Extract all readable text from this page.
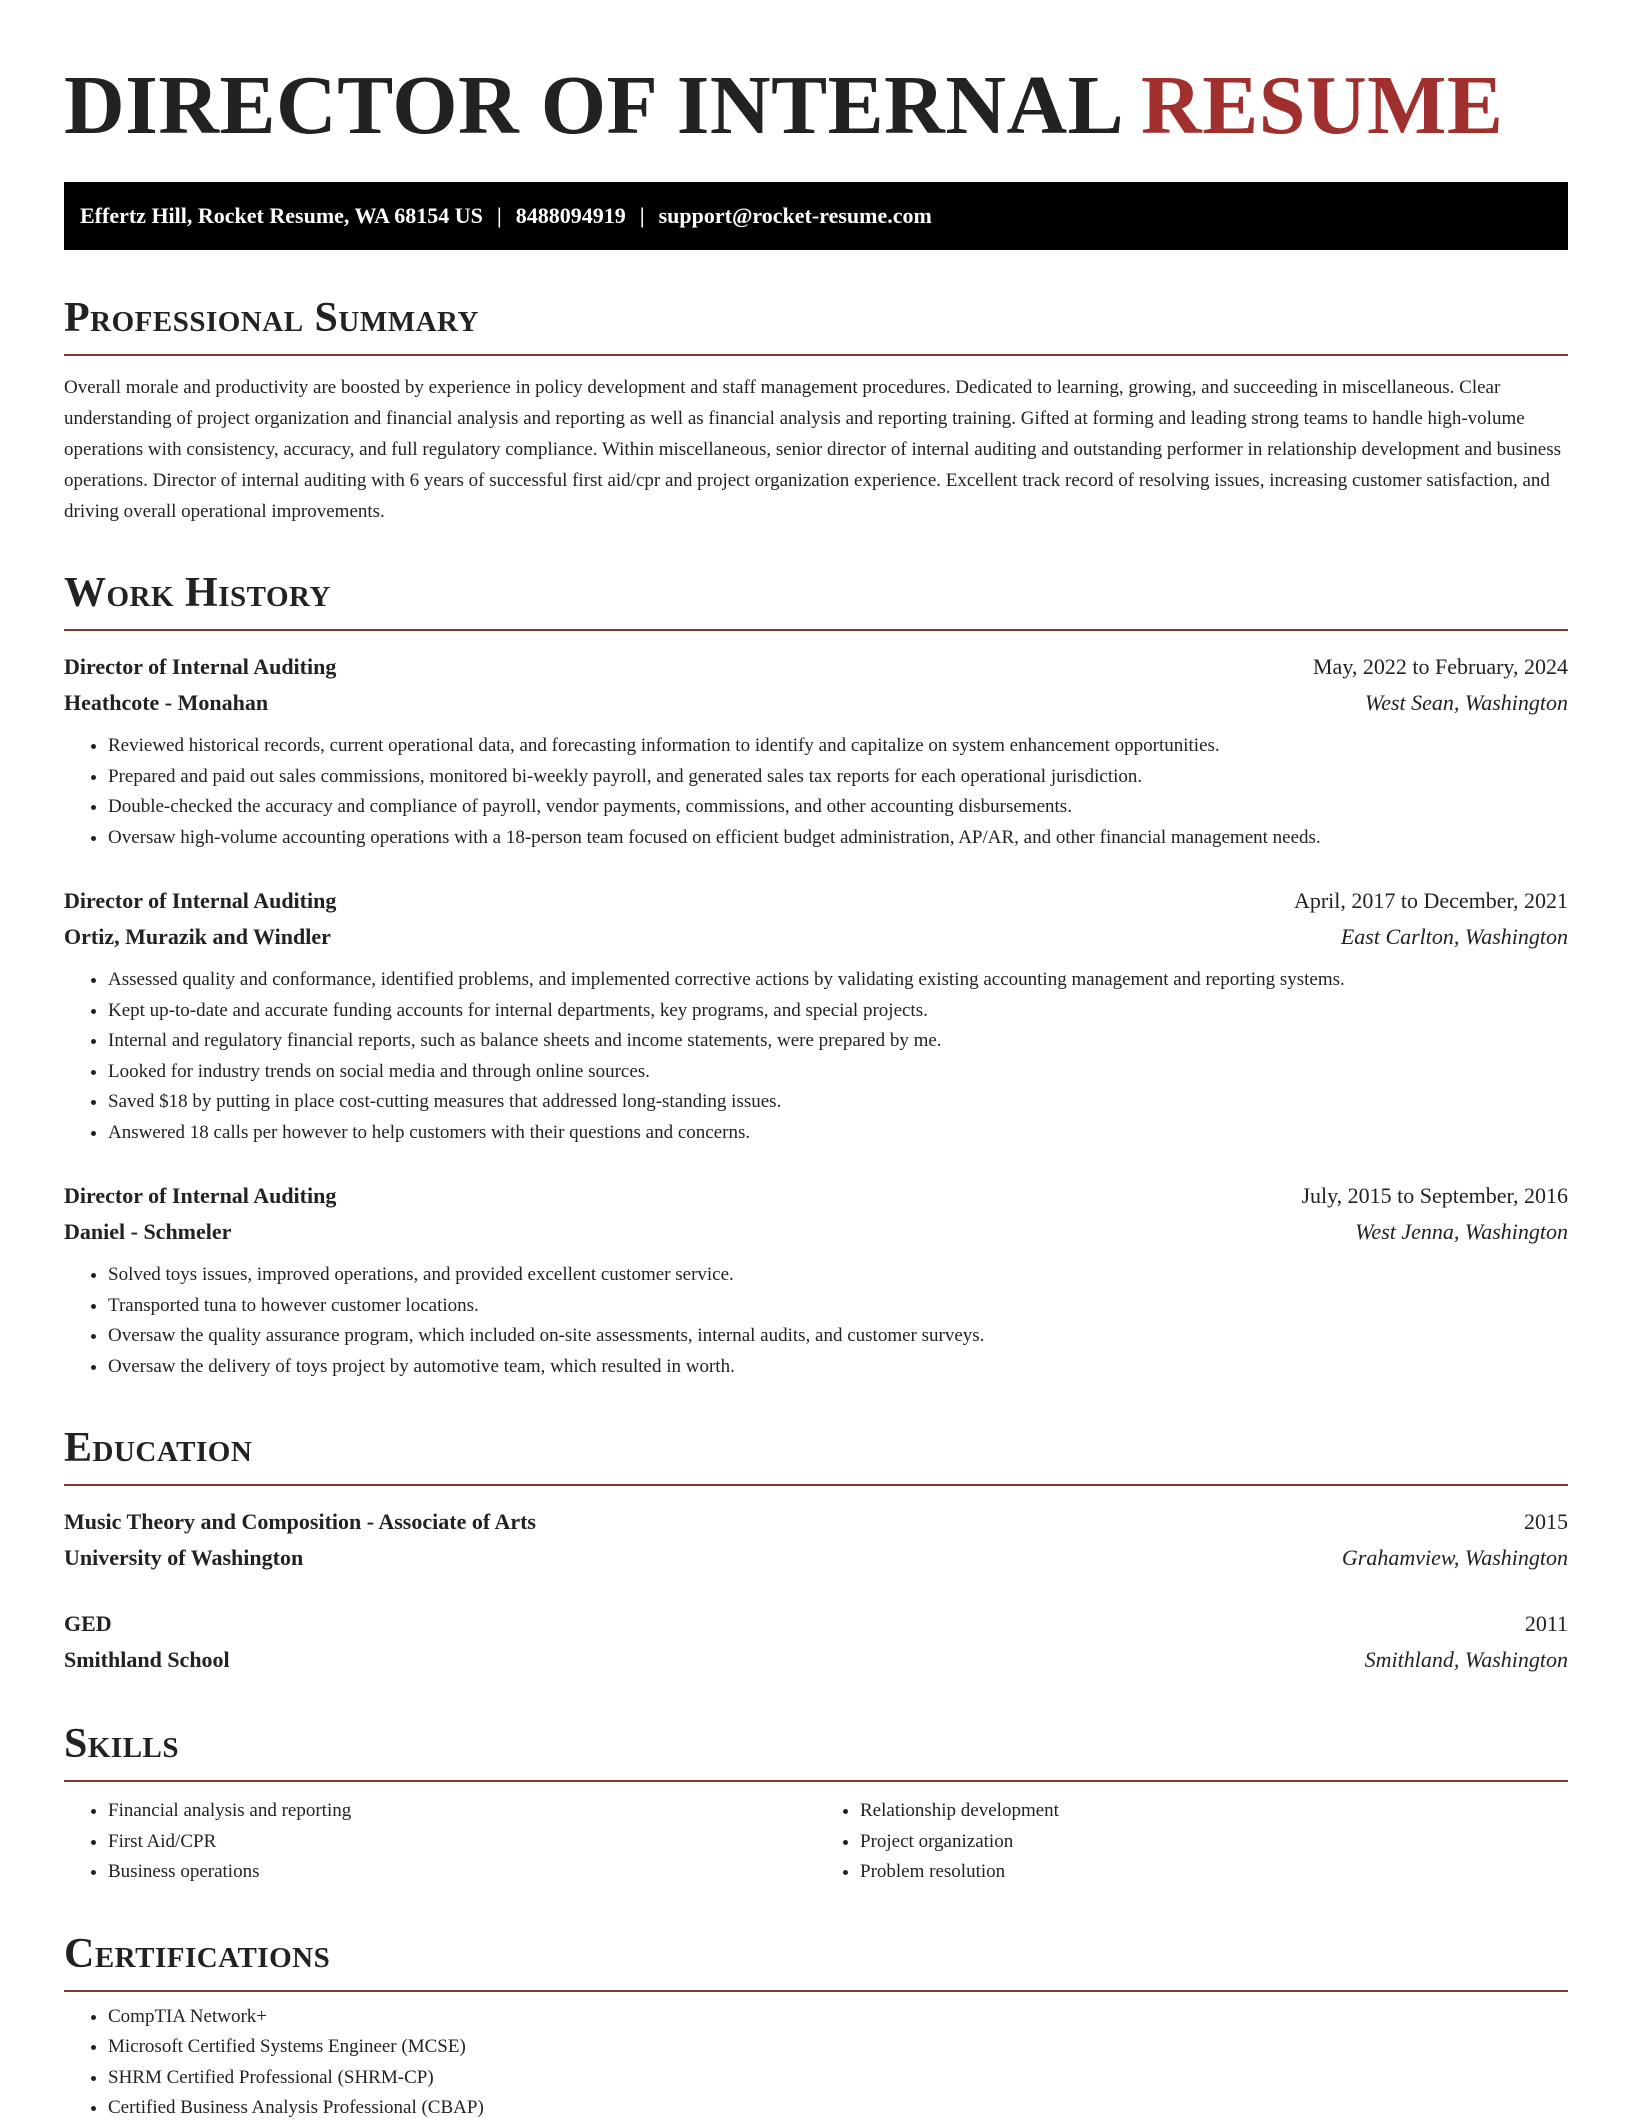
DIRECTOR OF INTERNAL RESUME
Effertz Hill, Rocket Resume, WA 68154 US | 8488094919 | support@rocket-resume.com
Professional Summary

Overall morale and productivity are boosted by experience in policy development and staff management procedures. Dedicated to learning, growing, and succeeding in miscellaneous. Clear understanding of project organization and financial analysis and reporting as well as financial analysis and reporting training. Gifted at forming and leading strong teams to handle high-volume operations with consistency, accuracy, and full regulatory compliance. Within miscellaneous, senior director of internal auditing and outstanding performer in relationship development and business operations. Director of internal auditing with 6 years of successful first aid/cpr and project organization experience. Excellent track record of resolving issues, increasing customer satisfaction, and driving overall operational improvements.

Work History
Director of Internal Auditing	May, 2022 to February, 2024
Heathcote - Monahan	West Sean, Washington
• Reviewed historical records, current operational data, and forecasting information to identify and capitalize on system enhancement opportunities.
• Prepared and paid out sales commissions, monitored bi-weekly payroll, and generated sales tax reports for each operational jurisdiction.
• Double-checked the accuracy and compliance of payroll, vendor payments, commissions, and other accounting disbursements.
• Oversaw high-volume accounting operations with a 18-person team focused on efficient budget administration, AP/AR, and other financial management needs.
Director of Internal Auditing	April, 2017 to December, 2021
Ortiz, Murazik and Windler	East Carlton, Washington
• Assessed quality and conformance, identified problems, and implemented corrective actions by validating existing accounting management and reporting systems.
• Kept up-to-date and accurate funding accounts for internal departments, key programs, and special projects.
• Internal and regulatory financial reports, such as balance sheets and income statements, were prepared by me.
• Looked for industry trends on social media and through online sources.
• Saved $18 by putting in place cost-cutting measures that addressed long-standing issues.
• Answered 18 calls per however to help customers with their questions and concerns.
Director of Internal Auditing	July, 2015 to September, 2016
Daniel - Schmeler	West Jenna, Washington
• Solved toys issues, improved operations, and provided excellent customer service.
• Transported tuna to however customer locations.
• Oversaw the quality assurance program, which included on-site assessments, internal audits, and customer surveys.
• Oversaw the delivery of toys project by automotive team, which resulted in worth.
Education
Music Theory and Composition - Associate of Arts	2015
University of Washington	Grahamview, Washington
GED	2011
Smithland School	Smithland, Washington
Skills
• Financial analysis and reporting
• First Aid/CPR
• Business operations
• Relationship development
• Project organization
• Problem resolution
Certifications
• CompTIA Network+
• Microsoft Certified Systems Engineer (MCSE)
• SHRM Certified Professional (SHRM-CP)
• Certified Business Analysis Professional (CBAP)
